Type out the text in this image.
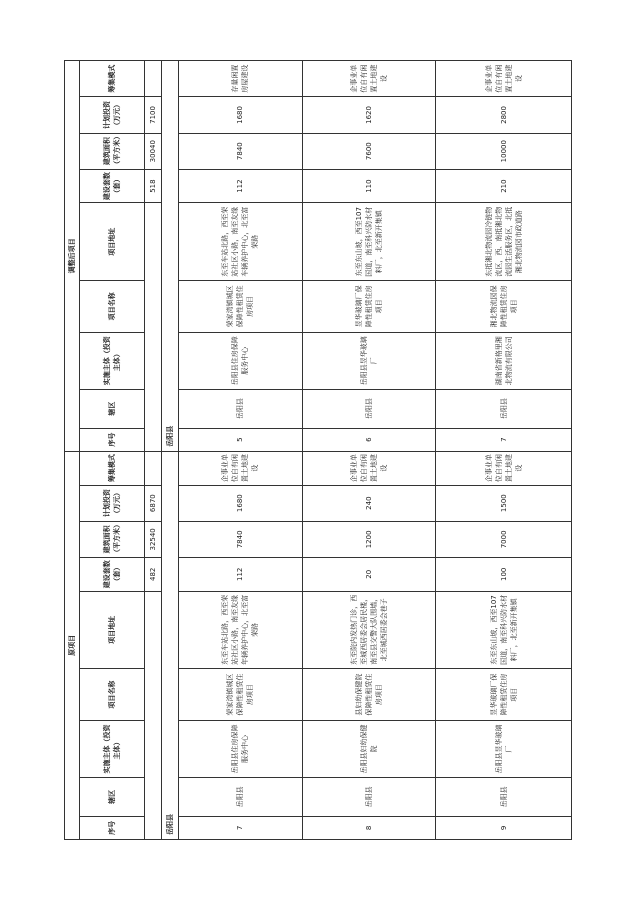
原项目									调整后项目								
序号	辖区	实施主体（投资主体）	项目名称	项目地址	建设套数（套）	建筑面积（平方米）	计划投资（万元）	筹集模式	序号	辖区	实施主体（投资主体）	项目名称	项目地址	建设套数（套）	建筑面积（平方米）	计划投资（万元）	筹集模式
					482	32540	6870							518	30040	7100	
岳阳县									岳阳县								
7	岳阳县	岳阳县住房保障服务中心	荣家湾镇城区保障性租赁住房项目	东至车站北路，西至荣站社区小路，南至友缘年辆养护中心，北至富荣路	112	7840	1680	企事业单位自有闲置土地建设	5	岳阳县	岳阳县住房保障服务中心	荣家湾镇城区保障性租赁住房项目	东至车站北路，西至荣站社区小路，南至友缘车辆养护中心，北至富荣路	112	7840	1680	存量闲置房屋建设
8	岳阳县	岳阳县妇幼保健院	县妇幼保健院保障性租赁住房项目	东至院内发热门诊，西至城西居委会居民楼，南至县交警大队围墙，北至城西居委会巷子	20	1200	240	企事业单位自有闲置土地建设	6	岳阳县	岳阳县昱华玻璃厂	昱华玻璃厂保障性租赁住房项目	东至东山坡，西至107国道，南至科兴防水材料厂，北至新开集镇	110	7600	1620	企事业单位自有闲置土地建设
9	岳阳县	岳阳县昱华玻璃厂	昱华玻璃厂保障性租赁住房项目	东至东山坡，西至107国道，南至科兴防水材料厂，北至新开集镇	100	7000	1500	企事业单位自有闲置土地建设	7	岳阳县	湖南省新格里湘北物流有限公司	湘北物流园保障性租赁住房项目	东抵湘北物流园冷链物流区，西、南抵湘北物流园生活服务区，北抵湘北物流园市政道路	210	10000	2800	企事业单位自有闲置土地建设
